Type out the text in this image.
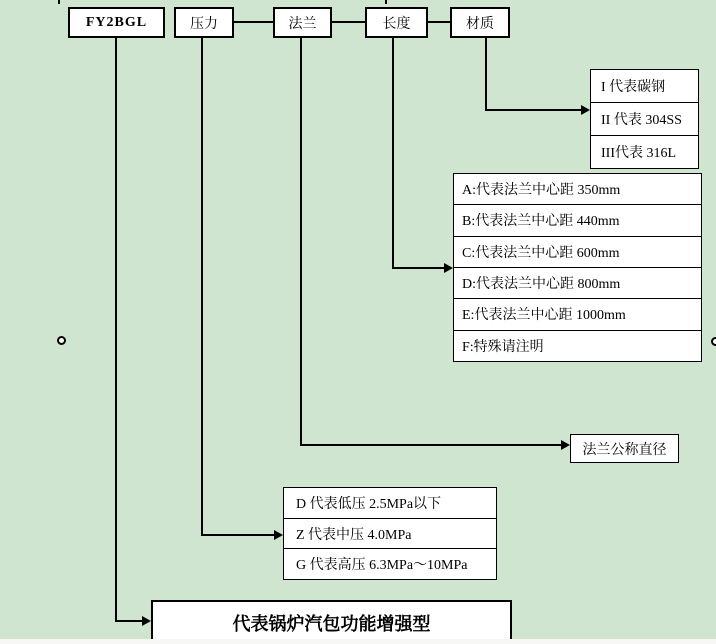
FY2BGL	压力	法兰	长度	材质
I 代表碳钢
II 代表 304SS
III代表 316L
A:代表法兰中心距 350mm
B:代表法兰中心距 440mm
C:代表法兰中心距 600mm
D:代表法兰中心距 800mm
E:代表法兰中心距 1000mm
F:特殊请注明
法兰公称直径
D 代表低压 2.5MPa以下
Z 代表中压 4.0MPa
G 代表高压 6.3MPa～10MPa
代表锅炉汽包功能增强型
